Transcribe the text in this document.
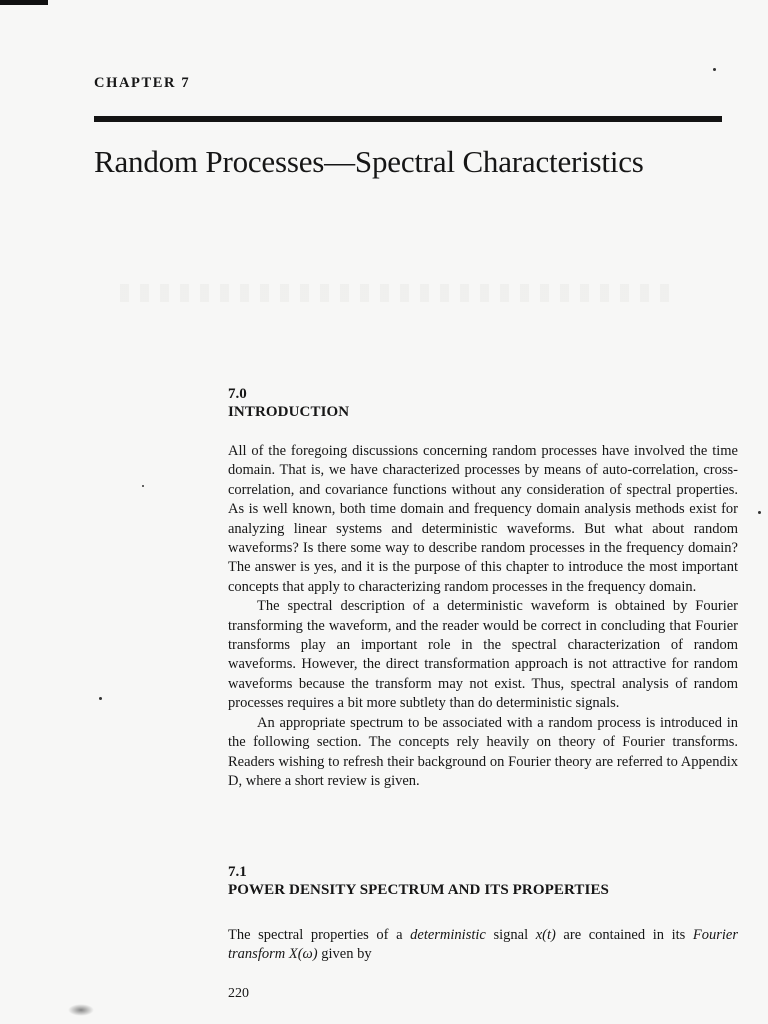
CHAPTER 7
Random Processes—Spectral Characteristics
7.0
INTRODUCTION

All of the foregoing discussions concerning random processes have involved the time domain. That is, we have characterized processes by means of auto-correlation, cross-correlation, and covariance functions without any consideration of spectral properties. As is well known, both time domain and frequency domain analysis methods exist for analyzing linear systems and deterministic waveforms. But what about random waveforms? Is there some way to describe random processes in the frequency domain? The answer is yes, and it is the purpose of this chapter to introduce the most important concepts that apply to characterizing random processes in the frequency domain.

The spectral description of a deterministic waveform is obtained by Fourier transforming the waveform, and the reader would be correct in concluding that Fourier transforms play an important role in the spectral characterization of random waveforms. However, the direct transformation approach is not attractive for random waveforms because the transform may not exist. Thus, spectral analysis of random processes requires a bit more subtlety than do deterministic signals.

An appropriate spectrum to be associated with a random process is introduced in the following section. The concepts rely heavily on theory of Fourier transforms. Readers wishing to refresh their background on Fourier theory are referred to Appendix D, where a short review is given.

7.1
POWER DENSITY SPECTRUM AND ITS PROPERTIES

The spectral properties of a deterministic signal x(t) are contained in its Fourier transform X(ω) given by

220
